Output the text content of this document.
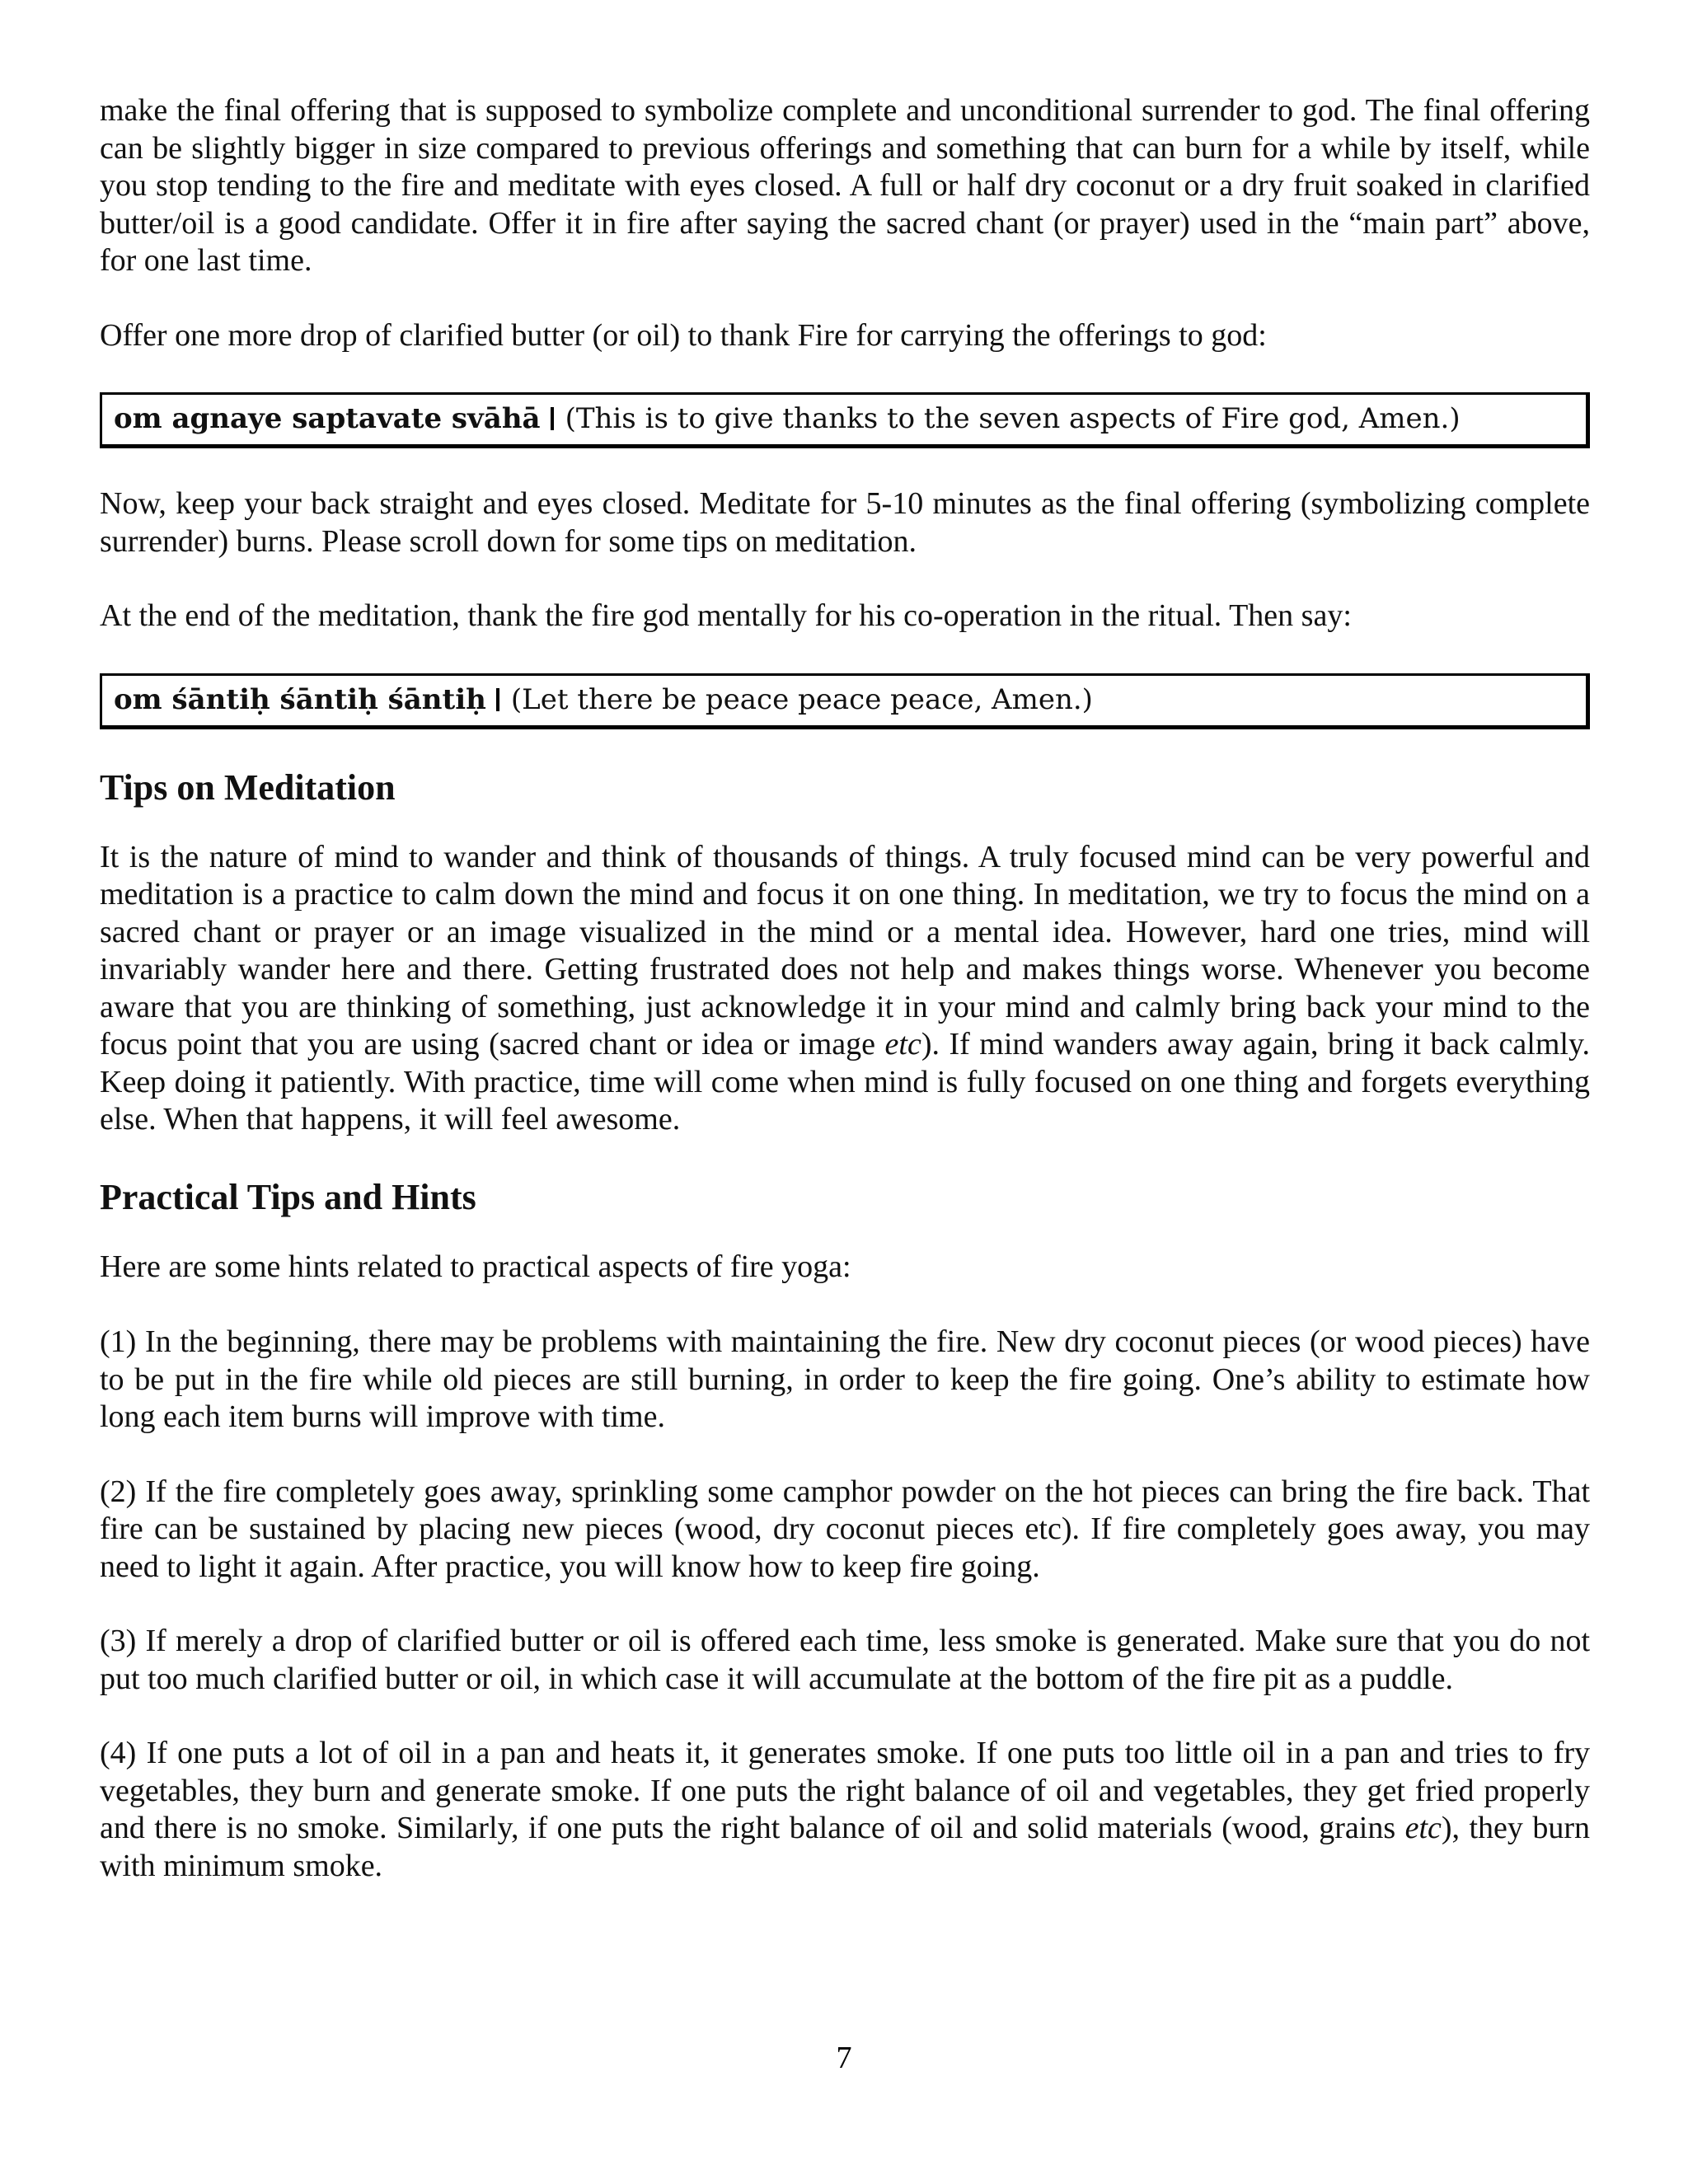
make the final offering that is supposed to symbolize complete and unconditional surrender to god. The final offering can be slightly bigger in size compared to previous offerings and something that can burn for a while by itself, while you stop tending to the fire and meditate with eyes closed. A full or half dry coconut or a dry fruit soaked in clarified butter/oil is a good candidate. Offer it in fire after saying the sacred chant (or prayer) used in the “main part” above, for one last time.

Offer one more drop of clarified butter (or oil) to thank Fire for carrying the offerings to god:

om agnaye saptavate svāhā (This is to give thanks to the seven aspects of Fire god, Amen.)

Now, keep your back straight and eyes closed. Meditate for 5-10 minutes as the final offering (symbolizing complete surrender) burns. Please scroll down for some tips on meditation.

At the end of the meditation, thank the fire god mentally for his co-operation in the ritual. Then say:

om śāntiḥ śāntiḥ śāntiḥ (Let there be peace peace peace, Amen.)
Tips on Meditation

It is the nature of mind to wander and think of thousands of things. A truly focused mind can be very powerful and meditation is a practice to calm down the mind and focus it on one thing. In meditation, we try to focus the mind on a sacred chant or prayer or an image visualized in the mind or a mental idea. However, hard one tries, mind will invariably wander here and there. Getting frustrated does not help and makes things worse. Whenever you become aware that you are thinking of something, just acknowledge it in your mind and calmly bring back your mind to the focus point that you are using (sacred chant or idea or image etc). If mind wanders away again, bring it back calmly. Keep doing it patiently. With practice, time will come when mind is fully focused on one thing and forgets everything else. When that happens, it will feel awesome.

Practical Tips and Hints

Here are some hints related to practical aspects of fire yoga:

(1) In the beginning, there may be problems with maintaining the fire. New dry coconut pieces (or wood pieces) have to be put in the fire while old pieces are still burning, in order to keep the fire going. One’s ability to estimate how long each item burns will improve with time.

(2) If the fire completely goes away, sprinkling some camphor powder on the hot pieces can bring the fire back. That fire can be sustained by placing new pieces (wood, dry coconut pieces etc). If fire completely goes away, you may need to light it again. After practice, you will know how to keep fire going.

(3) If merely a drop of clarified butter or oil is offered each time, less smoke is generated. Make sure that you do not put too much clarified butter or oil, in which case it will accumulate at the bottom of the fire pit as a puddle.

(4) If one puts a lot of oil in a pan and heats it, it generates smoke. If one puts too little oil in a pan and tries to fry vegetables, they burn and generate smoke. If one puts the right balance of oil and vegetables, they get fried properly and there is no smoke. Similarly, if one puts the right balance of oil and solid materials (wood, grains etc), they burn with minimum smoke.

7
